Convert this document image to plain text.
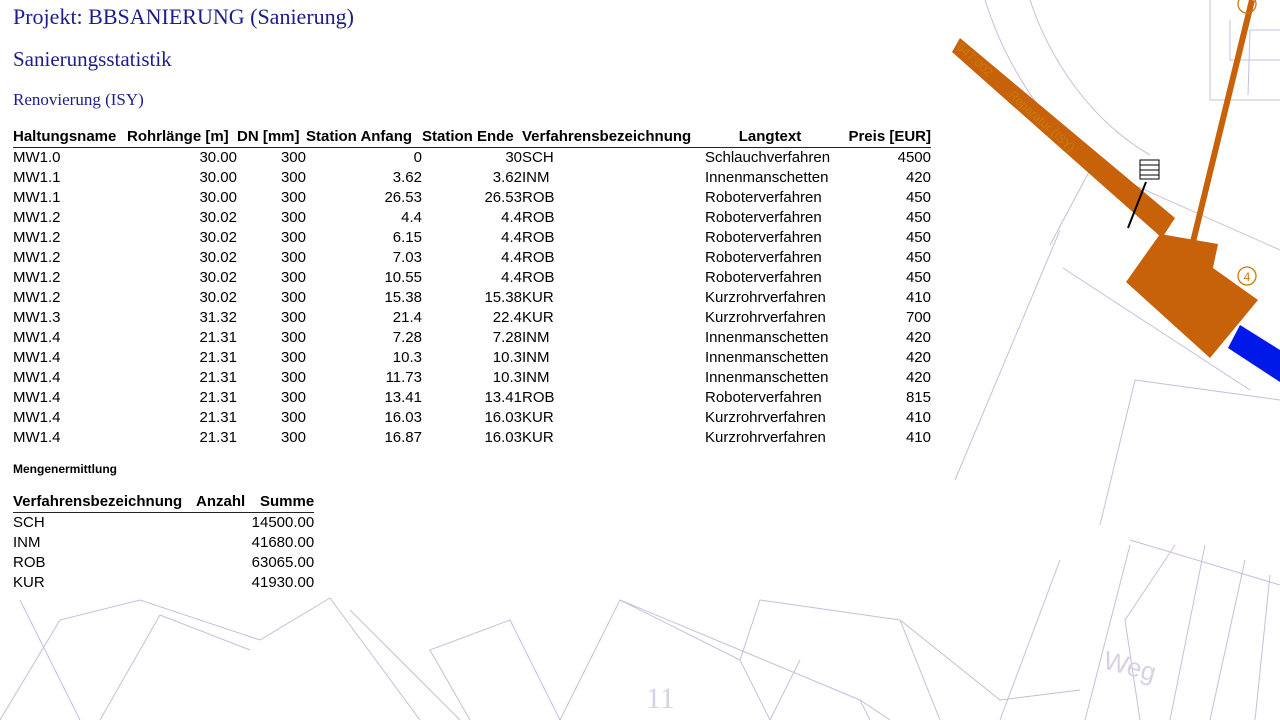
4
647.002
Reparatur (ISY)
11
Weg
Projekt: BBSANIERUNG (Sanierung)
Sanierungsstatistik
Renovierung (ISY)
Haltungsname	Rohrlänge [m]	DN [mm]	Station Anfang	Station Ende	Verfahrensbezeichnung	Langtext	Preis [EUR]
MW1.0	30.00	300	0	30	SCH	Schlauchverfahren	4500
MW1.1	30.00	300	3.62	3.62	INM	Innenmanschetten	420
MW1.1	30.00	300	26.53	26.53	ROB	Roboterverfahren	450
MW1.2	30.02	300	4.4	4.4	ROB	Roboterverfahren	450
MW1.2	30.02	300	6.15	4.4	ROB	Roboterverfahren	450
MW1.2	30.02	300	7.03	4.4	ROB	Roboterverfahren	450
MW1.2	30.02	300	10.55	4.4	ROB	Roboterverfahren	450
MW1.2	30.02	300	15.38	15.38	KUR	Kurzrohrverfahren	410
MW1.3	31.32	300	21.4	22.4	KUR	Kurzrohrverfahren	700
MW1.4	21.31	300	7.28	7.28	INM	Innenmanschetten	420
MW1.4	21.31	300	10.3	10.3	INM	Innenmanschetten	420
MW1.4	21.31	300	11.73	10.3	INM	Innenmanschetten	420
MW1.4	21.31	300	13.41	13.41	ROB	Roboterverfahren	815
MW1.4	21.31	300	16.03	16.03	KUR	Kurzrohrverfahren	410
MW1.4	21.31	300	16.87	16.03	KUR	Kurzrohrverfahren	410
Mengenermittlung
Verfahrensbezeichnung	Anzahl	Summe
SCH	1	4500.00
INM	4	1680.00
ROB	6	3065.00
KUR	4	1930.00
